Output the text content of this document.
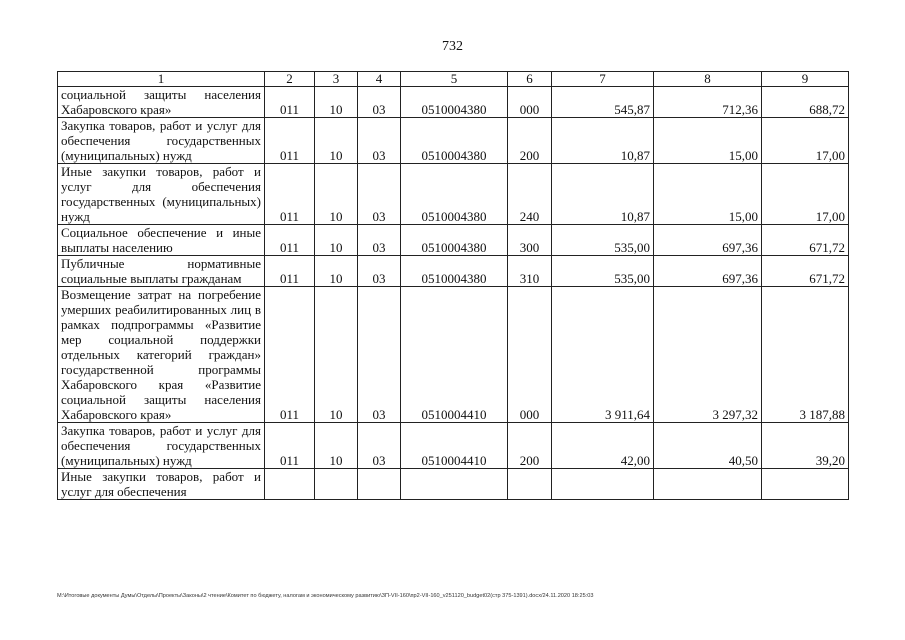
732
1	2	3	4	5	6	7	8	9
социальной защиты населения Хабаровского края»	011	10	03	0510004380	000	545,87	712,36	688,72
Закупка товаров, работ и услуг для обеспечения государственных (муниципальных) нужд	011	10	03	0510004380	200	10,87	15,00	17,00
Иные закупки товаров, работ и услуг для обеспечения государственных (муниципальных) нужд	011	10	03	0510004380	240	10,87	15,00	17,00
Социальное обеспечение и иные выплаты населению	011	10	03	0510004380	300	535,00	697,36	671,72
Публичные нормативные социальные выплаты гражданам	011	10	03	0510004380	310	535,00	697,36	671,72
Возмещение затрат на погребение умерших реабилитированных лиц в рамках подпрограммы «Развитие мер социальной поддержки отдельных категорий граждан» государственной программы Хабаровского края «Развитие социальной защиты населения Хабаровского края»	011	10	03	0510004410	000	3 911,64	3 297,32	3 187,88
Закупка товаров, работ и услуг для обеспечения государственных (муниципальных) нужд	011	10	03	0510004410	200	42,00	40,50	39,20
Иные закупки товаров, работ и услуг для обеспечения								
М:\Итоговые документы Думы\Отделы\Проекты\Законы\2 чтение\Комитет по бюджету, налогам и экономическому развитию\ЗП-VII-160\пр2-VII-160_v251120_budget02(стр 375-1391).docx/24.11.2020 18:25:03
